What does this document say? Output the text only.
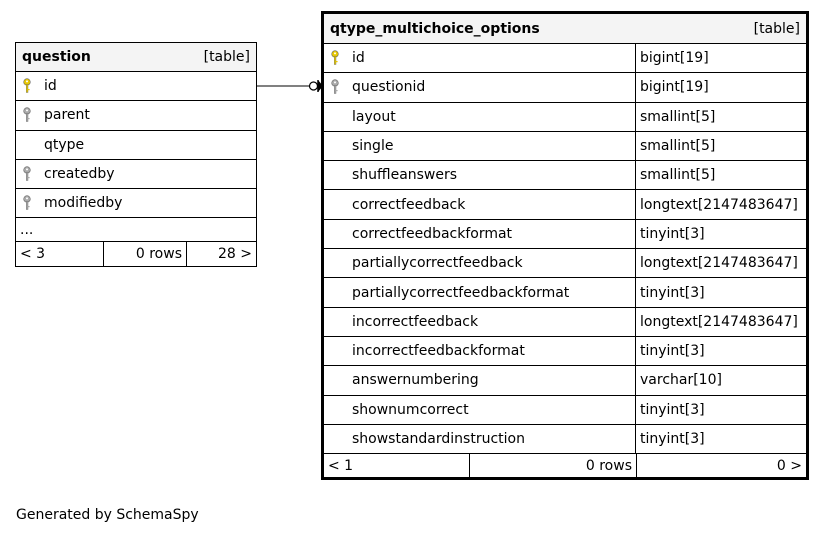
question	[table]
id
parent
qtype
createdby
modifiedby
...
< 3	0 rows	28 >
qtype_multichoice_options	[table]
id	bigint[19]
questionid	bigint[19]
layout	smallint[5]
single	smallint[5]
shuffleanswers	smallint[5]
correctfeedback	longtext[2147483647]
correctfeedbackformat	tinyint[3]
partiallycorrectfeedback	longtext[2147483647]
partiallycorrectfeedbackformat	tinyint[3]
incorrectfeedback	longtext[2147483647]
incorrectfeedbackformat	tinyint[3]
answernumbering	varchar[10]
shownumcorrect	tinyint[3]
showstandardinstruction	tinyint[3]
< 1	0 rows	0 >
Generated by SchemaSpy
